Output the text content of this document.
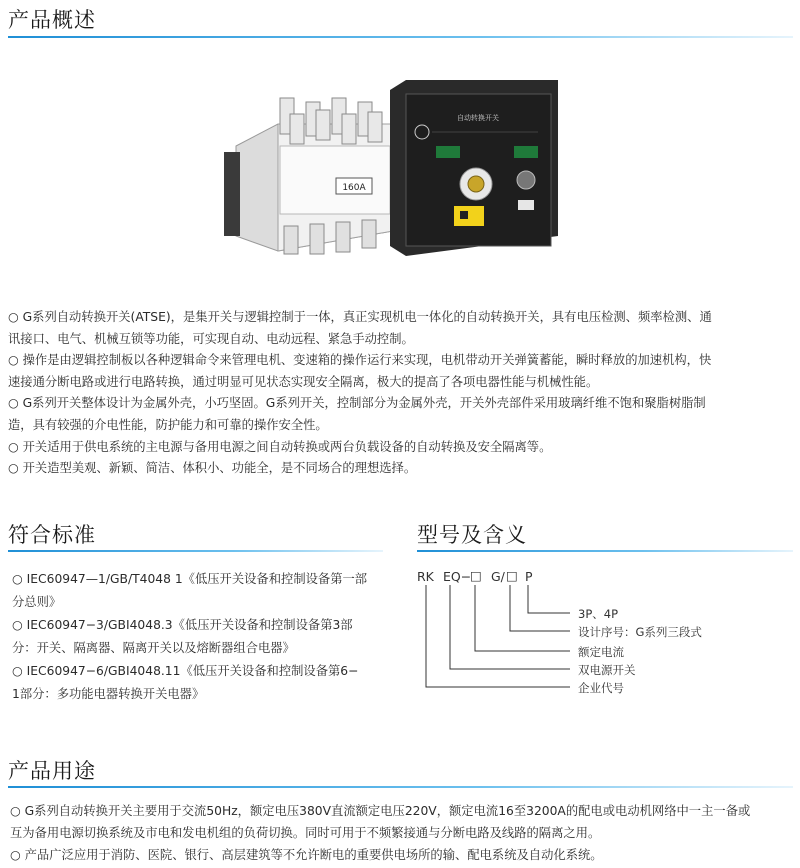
产品概述
160A
自动转换开关

○ G系列自动转换开关(ATSE)，是集开关与逻辑控制于一体，真正实现机电一体化的自动转换开关，具有电压检测、频率检测、通

讯接口、电气、机械互锁等功能，可实现自动、电动远程、紧急手动控制。

○ 操作是由逻辑控制板以各种逻辑命令来管理电机、变速箱的操作运行来实现，电机带动开关弹簧蓄能，瞬时释放的加速机构，快

速接通分断电路或进行电路转换，通过明显可见状态实现安全隔离，极大的提高了各项电器性能与机械性能。

○ G系列开关整体设计为金属外壳，小巧坚固。G系列开关，控制部分为金属外壳，开关外壳部件采用玻璃纤维不饱和聚脂树脂制

造，具有较强的介电性能，防护能力和可靠的操作安全性。

○ 开关适用于供电系统的主电源与备用电源之间自动转换或两台负载设备的自动转换及安全隔离等。

○ 开关造型美观、新颖、简洁、体积小、功能全，是不同场合的理想选择。

符合标准

○ IEC60947—1/GB/T4048 1《低压开关设备和控制设备第一部

分总则》

○ IEC60947−3/GBI4048.3《低压开关设备和控制设备第3部

分：开关、隔离器、隔离开关以及熔断器组合电器》

○ IEC60947−6/GBI4048.11《低压开关设备和控制设备第6−

1部分：多功能电器转换开关电器》

型号及含义
RK EQ−
□ G/ □ P
3P、4P
设计序号：G系列三段式
额定电流
双电源开关
企业代号
产品用途

○ G系列自动转换开关主要用于交流50Hz，额定电压380V直流额定电压220V，额定电流16至3200A的配电或电动机网络中一主一备或

互为备用电源切换系统及市电和发电机组的负荷切换。同时可用于不频繁接通与分断电路及线路的隔离之用。

○ 产品广泛应用于消防、医院、银行、高层建筑等不允许断电的重要供电场所的输、配电系统及自动化系统。
